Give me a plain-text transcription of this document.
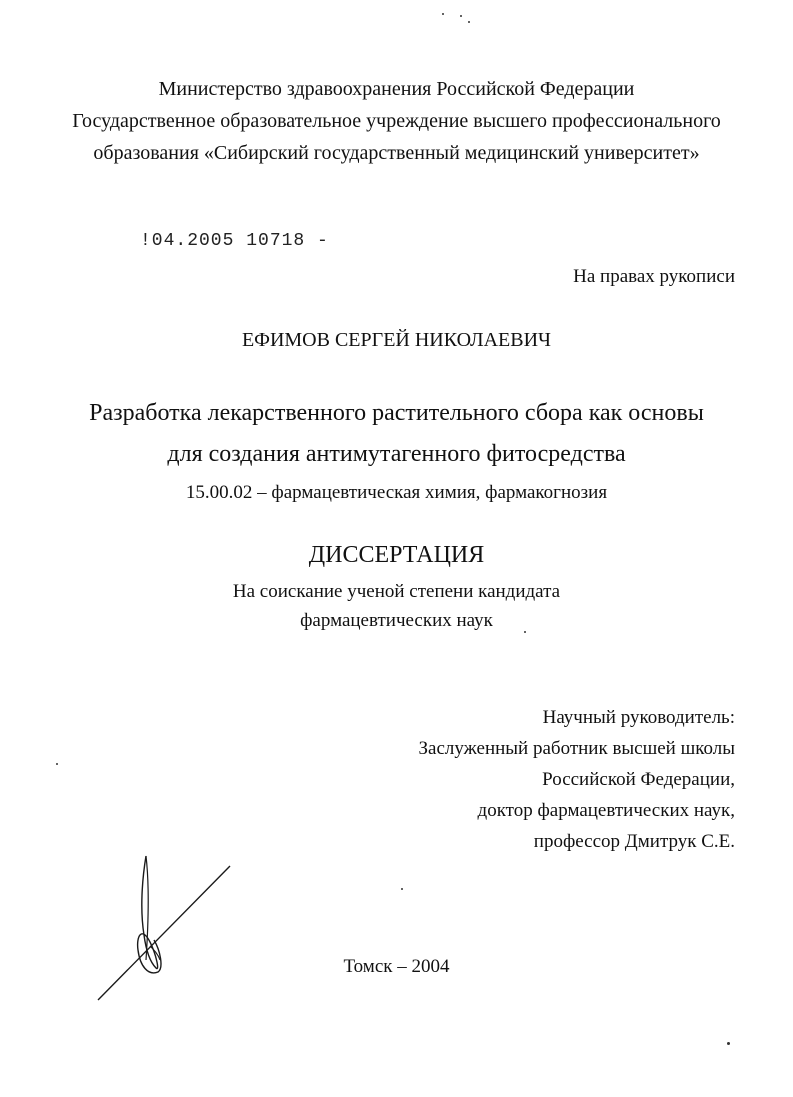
Министерство здравоохранения Российской Федерации
Государственное образовательное учреждение высшего профессионального
образования «Сибирский государственный медицинский университет»
!04.2005 10718 -
На правах рукописи
ЕФИМОВ СЕРГЕЙ НИКОЛАЕВИЧ
Разработка лекарственного растительного сбора как основы
для создания антимутагенного фитосредства
15.00.02 – фармацевтическая химия, фармакогнозия
ДИССЕРТАЦИЯ
На соискание ученой степени кандидата
фармацевтических наук
Научный руководитель:
Заслуженный работник высшей школы
Российской Федерации,
доктор фармацевтических наук,
профессор Дмитрук С.Е.
Томск – 2004
